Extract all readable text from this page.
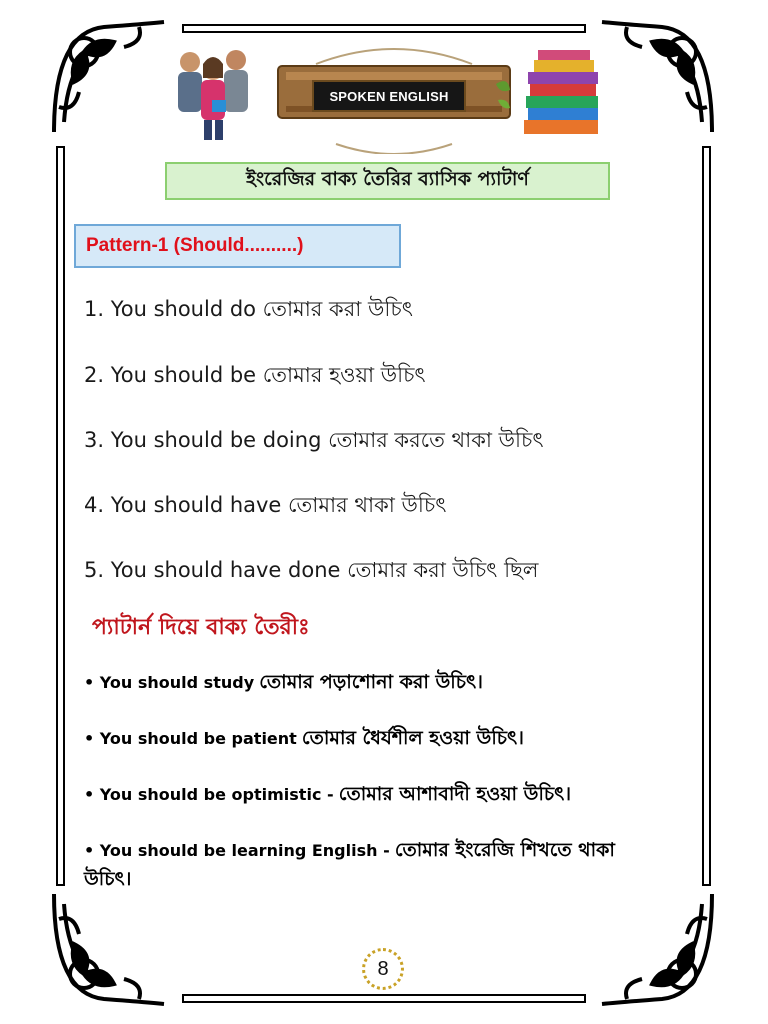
SPOKEN ENGLISH
ইংরেজির বাক্য তৈরির ব্যাসিক প্যাটার্ণ
Pattern-1 (Should..........)
1. You should do তোমার করা উচিৎ
2. You should be তোমার হওয়া উচিৎ
3. You should be doing তোমার করতে থাকা উচিৎ
4. You should have তোমার থাকা উচিৎ
5. You should have done তোমার করা উচিৎ ছিল
প্যাটার্ন দিয়ে বাক্য তৈরীঃ
• You should study তোমার পড়াশোনা করা উচিৎ।
• You should be patient তোমার ধৈর্যশীল হওয়া উচিৎ।
• You should be optimistic - তোমার আশাবাদী হওয়া উচিৎ।
• You should be learning English - তোমার ইংরেজি শিখতে থাকা উচিৎ।
8
